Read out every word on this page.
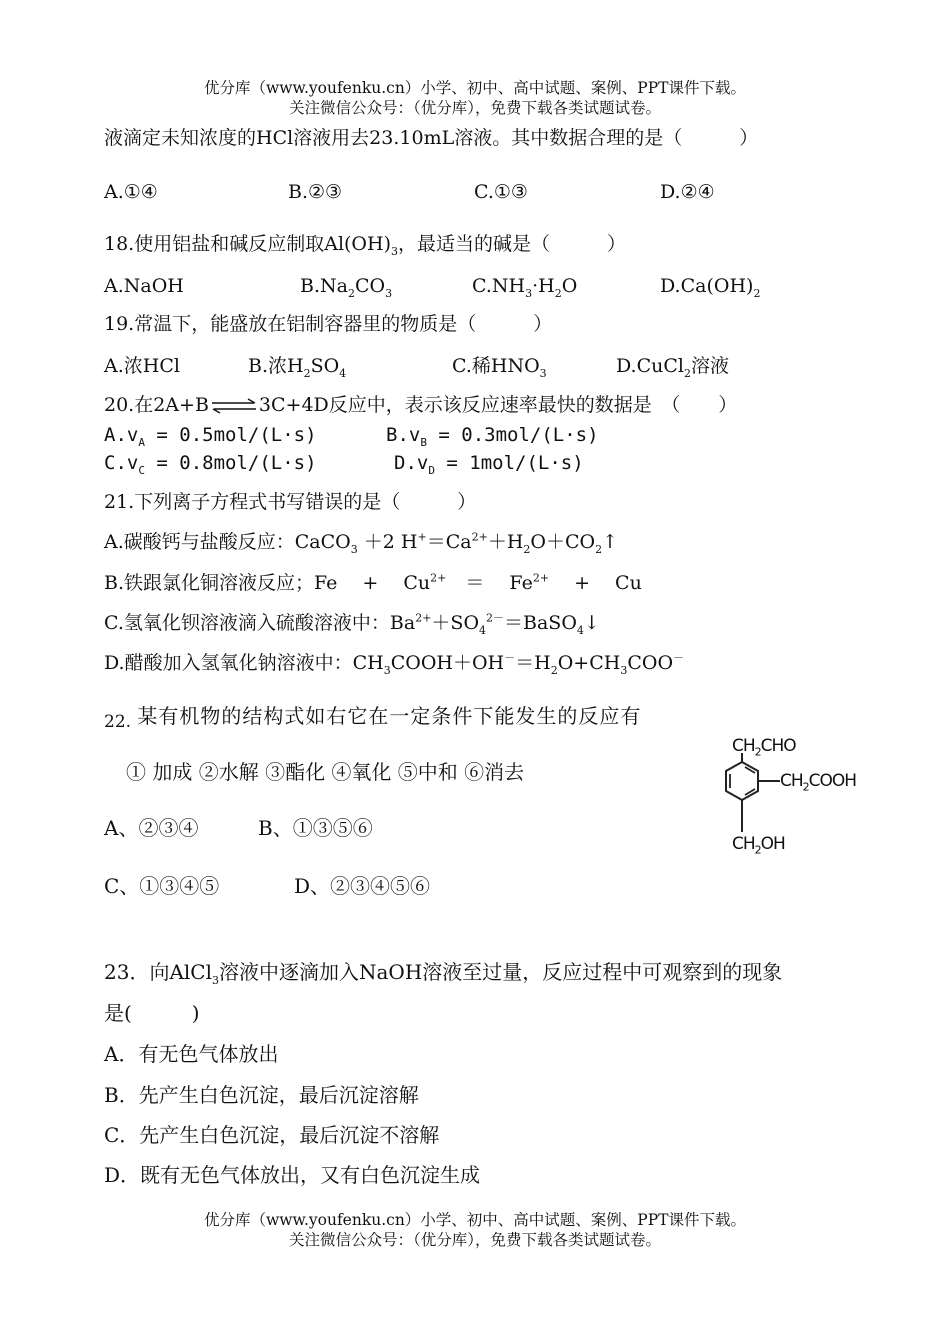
优分库（www.youfenku.cn）小学、初中、高中试题、案例、PPT课件下载。
关注微信公众号：（优分库），免费下载各类试题试卷。
液滴定未知浓度的HCl溶液用去23.10mL溶液。其中数据合理的是（　　　）
A.①④	B.②③	C.①③	D.②④
18.使用铝盐和碱反应制取$Al(OH)_3$，最适当的碱是（　　　）
A.NaOH	$B.Na_2CO_3$	$C.NH_3\cdot H_2O$	$D.Ca(OH)_2$
19.常温下，能盛放在铝制容器里的物质是（　　　）
A.浓HCl	B.浓$H_2SO_4$	C.稀$HNO_3$	D.CuCl$_2$溶液
20.在2A+B⇌3C+4D反应中，表示该反应速率最快的数据是　（　　）
$A.v_A = 0.5mol/(L\cdot s)$	$B.v_B = 0.3mol/(L\cdot s)$
$C.v_C = 0.8mol/(L\cdot s)$	$D.v_D = 1mol/(L\cdot s)$
21.下列离子方程式书写错误的是（　　　）
A.碳酸钙与盐酸反应：CaCO$_3$ ＋2 $H^+=Ca^{2+}+H_2O+CO_2↑$
B.铁跟氯化铜溶液反应；Fe　 +　 $Cu^{2+}$　＝　 $Fe^{2+}$　 +　 Cu
C.氢氧化钡溶液滴入硫酸溶液中：$Ba^{2+}+SO_4^{2-}=BaSO_4↓$
D.醋酸加入氢氧化钠溶液中：$CH_3COOH+OH^-=H_2O+CH_3COO^-$
$_{22.}$ 某有机物的结构式如右它在一定条件下能发生的反应有
① 加成 ②水解 ③酯化 ④氧化 ⑤中和 ⑥消去
A、②③④	B、①③⑤⑥
C、①③④⑤	D、②③④⑤⑥
$CH_2CHO$
$CH_2COOH$
$CH_2OH$
23．向AlCl$_3$溶液中逐滴加入NaOH溶液至过量，反应过程中可观察到的现象
是(　　　)
A．有无色气体放出
B．先产生白色沉淀，最后沉淀溶解
C．先产生白色沉淀，最后沉淀不溶解
D．既有无色气体放出，又有白色沉淀生成
优分库（www.youfenku.cn）小学、初中、高中试题、案例、PPT课件下载。
关注微信公众号：（优分库），免费下载各类试题试卷。
